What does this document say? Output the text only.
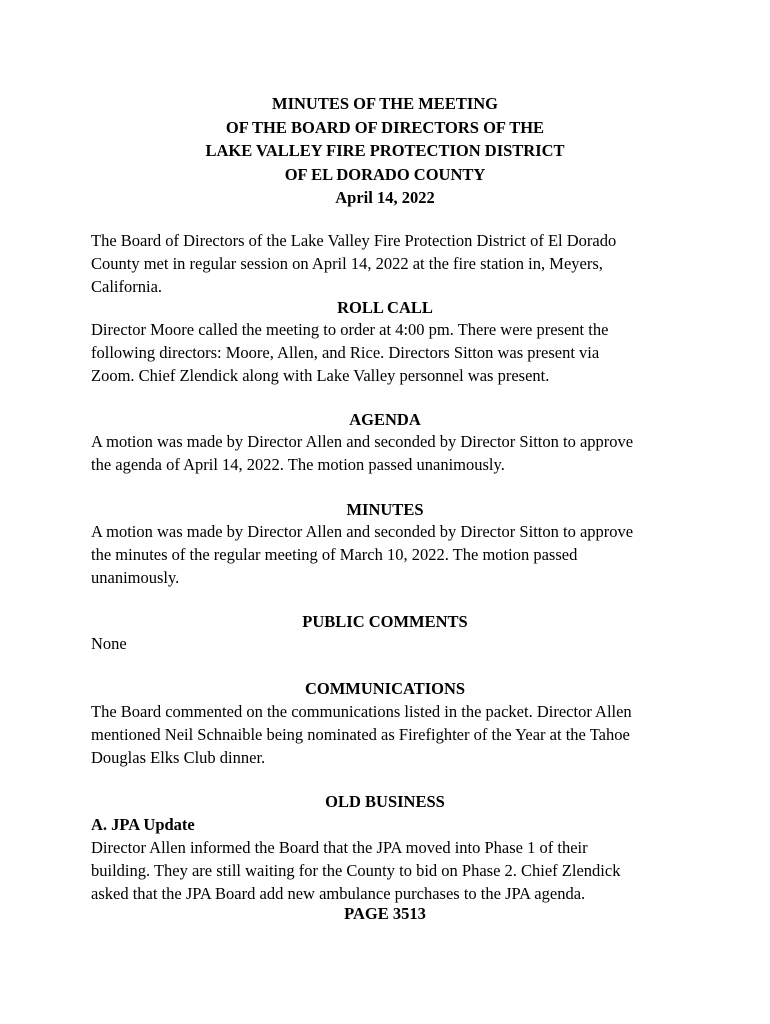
MINUTES OF THE MEETING
OF THE BOARD OF DIRECTORS OF THE
LAKE VALLEY FIRE PROTECTION DISTRICT
OF EL DORADO COUNTY
April 14, 2022

The Board of Directors of the Lake Valley Fire Protection District of El Dorado
County met in regular session on April 14, 2022 at the fire station in, Meyers,
California.

ROLL CALL

Director Moore called the meeting to order at 4:00 pm. There were present the
following directors: Moore, Allen, and Rice. Directors Sitton was present via
Zoom. Chief Zlendick along with Lake Valley personnel was present.

AGENDA

A motion was made by Director Allen and seconded by Director Sitton to approve
the agenda of April 14, 2022. The motion passed unanimously.

MINUTES

A motion was made by Director Allen and seconded by Director Sitton to approve
the minutes of the regular meeting of March 10, 2022. The motion passed
unanimously.

PUBLIC COMMENTS

None

COMMUNICATIONS

The Board commented on the communications listed in the packet. Director Allen
mentioned Neil Schnaible being nominated as Firefighter of the Year at the Tahoe
Douglas Elks Club dinner.

OLD BUSINESS
A. JPA Update

Director Allen informed the Board that the JPA moved into Phase 1 of their
building. They are still waiting for the County to bid on Phase 2. Chief Zlendick
asked that the JPA Board add new ambulance purchases to the JPA agenda.

PAGE 3513
